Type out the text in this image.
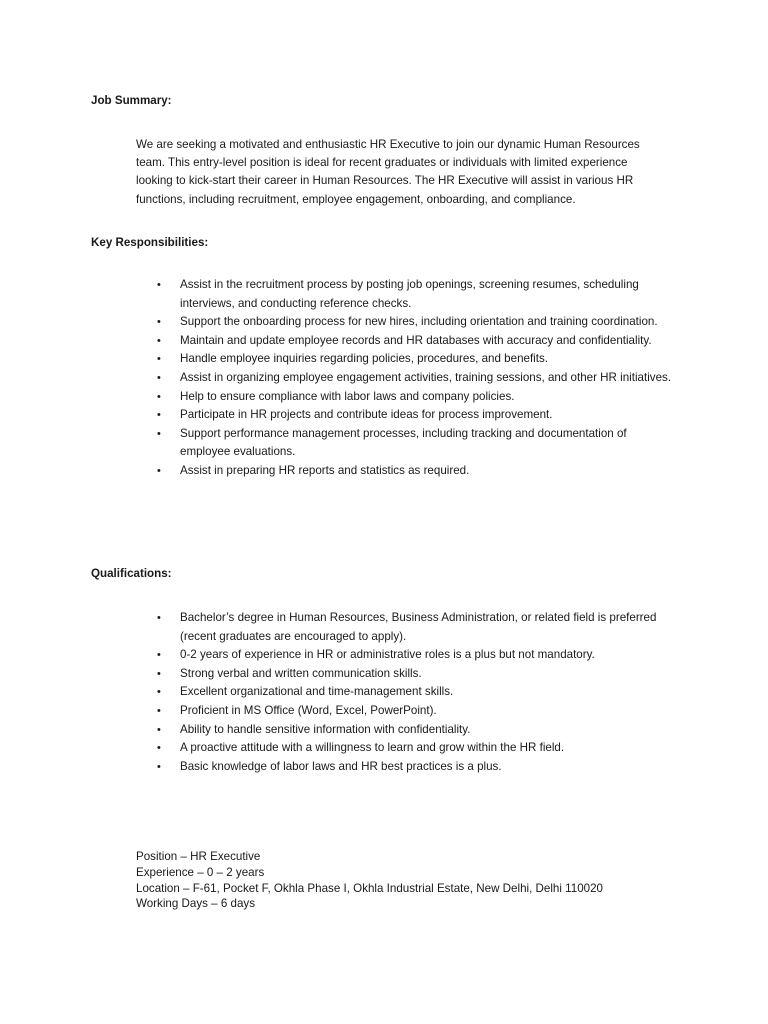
Job Summary:

We are seeking a motivated and enthusiastic HR Executive to join our dynamic Human Resources team. This entry-level position is ideal for recent graduates or individuals with limited experience looking to kick-start their career in Human Resources. The HR Executive will assist in various HR functions, including recruitment, employee engagement, onboarding, and compliance.

Key Responsibilities:
•	Assist in the recruitment process by posting job openings, screening resumes, scheduling interviews, and conducting reference checks.
•	Support the onboarding process for new hires, including orientation and training coordination.
•	Maintain and update employee records and HR databases with accuracy and confidentiality.
•	Handle employee inquiries regarding policies, procedures, and benefits.
•	Assist in organizing employee engagement activities, training sessions, and other HR initiatives.
•	Help to ensure compliance with labor laws and company policies.
•	Participate in HR projects and contribute ideas for process improvement.
•	Support performance management processes, including tracking and documentation of employee evaluations.
•	Assist in preparing HR reports and statistics as required.
Qualifications:
•	Bachelor’s degree in Human Resources, Business Administration, or related field is preferred (recent graduates are encouraged to apply).
•	0-2 years of experience in HR or administrative roles is a plus but not mandatory.
•	Strong verbal and written communication skills.
•	Excellent organizational and time-management skills.
•	Proficient in MS Office (Word, Excel, PowerPoint).
•	Ability to handle sensitive information with confidentiality.
•	A proactive attitude with a willingness to learn and grow within the HR field.
•	Basic knowledge of labor laws and HR best practices is a plus.
Position – HR Executive
Experience – 0 – 2 years
Location – F-61, Pocket F, Okhla Phase I, Okhla Industrial Estate, New Delhi, Delhi 110020
Working Days – 6 days
